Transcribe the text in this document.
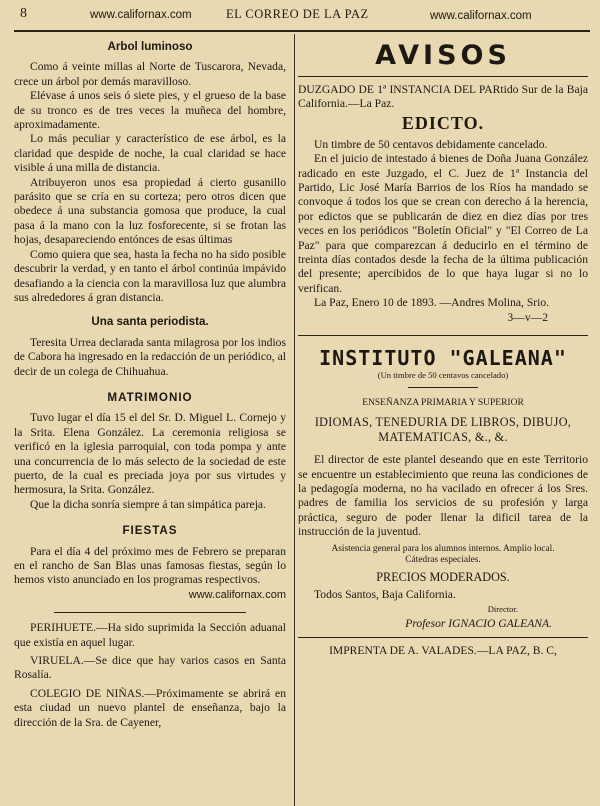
8	www.californax.com	EL CORREO DE LA PAZ	www.californax.com

Arbol luminoso

Como á veinte millas al Norte de Tuscarora, Nevada, crece un árbol por demás maravilloso.

Elévase á unos seis ó siete pies, y el grueso de la base de su tronco es de tres veces la muñeca del hombre, aproximadamente.

Lo más peculiar y característico de ese árbol, es la claridad que despide de noche, la cual claridad se hace visible á una milla de distancia.

Atribuyeron unos esa propiedad á cierto gusanillo parásito que se cría en su corteza; pero otros dicen que obedece á una substancia gomosa que produce, la cual pasa á la mano con la luz fosforecente, si se frotan las hojas, desapareciendo entónces de esas últimas

Como quiera que sea, hasta la fecha no ha sido posible descubrir la verdad, y en tanto el árbol continúa impávido desafiando a la ciencia con la maravillosa luz que alumbra sus alrededores á gran distancia.

Una santa periodista.

Teresita Urrea declarada santa milagrosa por los indios de Cabora ha ingresado en la redacción de un periódico, al decir de un colega de Chihuahua.

MATRIMONIO

Tuvo lugar el día 15 el del Sr. D. Miguel L. Cornejo y la Srita. Elena González. La ceremonia religiosa se verificó en la iglesia parroquial, con toda pompa y ante una concurrencia de lo más selecto de la sociedad de este puerto, de la cual es preciada joya por sus virtudes y hermosura, la Srita. González.

Que la dicha sonría siempre á tan simpática pareja.

FIESTAS

Para el día 4 del próximo mes de Febrero se preparan en el rancho de San Blas unas famosas fiestas, según lo hemos visto anunciado en los programas respectivos.

www.californax.com

PERIHUETE.—Ha sido suprimida la Sección aduanal que existía en aquel lugar.

VIRUELA.—Se dice que hay varios casos en Santa Rosalía.

COLEGIO DE NIÑAS.—Próximamente se abrirá en esta ciudad un nuevo plantel de enseñanza, bajo la dirección de la Sra. de Cayener,

AVISOS

DUZGADO DE 1ª INSTANCIA DEL PARtido Sur de la Baja California.—La Paz.

EDICTO.

Un timbre de 50 centavos debidamente cancelado.

En el juicio de intestado á bienes de Doña Juana González radicado en este Juzgado, el C. Juez de 1ª Instancia del Partido, Lic José María Barrios de los Ríos ha mandado se convoque á todos los que se crean con derecho á la herencia, por edictos que se publicarán de diez en diez días por tres veces en los periódicos "Boletín Oficial" y "El Correo de La Paz" para que comparezcan á deducirlo en el término de treinta días contados desde la fecha de la última publicación del presente; apercibidos de lo que haya lugar si no lo verifican.

La Paz, Enero 10 de 1893. —Andres Molina, Srio.

3—v—2

INSTITUTO "GALEANA"

(Un timbre de 50 centavos cancelado)

ENSEÑANZA PRIMARIA Y SUPERIOR

IDIOMAS, TENEDURIA DE LIBROS, DIBUJO, MATEMATICAS, &., &.

El director de este plantel deseando que en este Territorio se encuentre un establecimiento que reuna las condiciones de la pedagogía moderna, no ha vacilado en ofrecer á los Sres. padres de familia los servicios de su profesión y larga práctica, seguro de poder llenar la dificil tarea de la instrucción de la juventud.

Asistencia general para los alumnos internos. Amplio local.

Cátedras especiales.

PRECIOS MODERADOS.

Todos Santos, Baja California.

Director.

Profesor IGNACIO GALEANA.

IMPRENTA DE A. VALADES.—LA PAZ, B. C,
